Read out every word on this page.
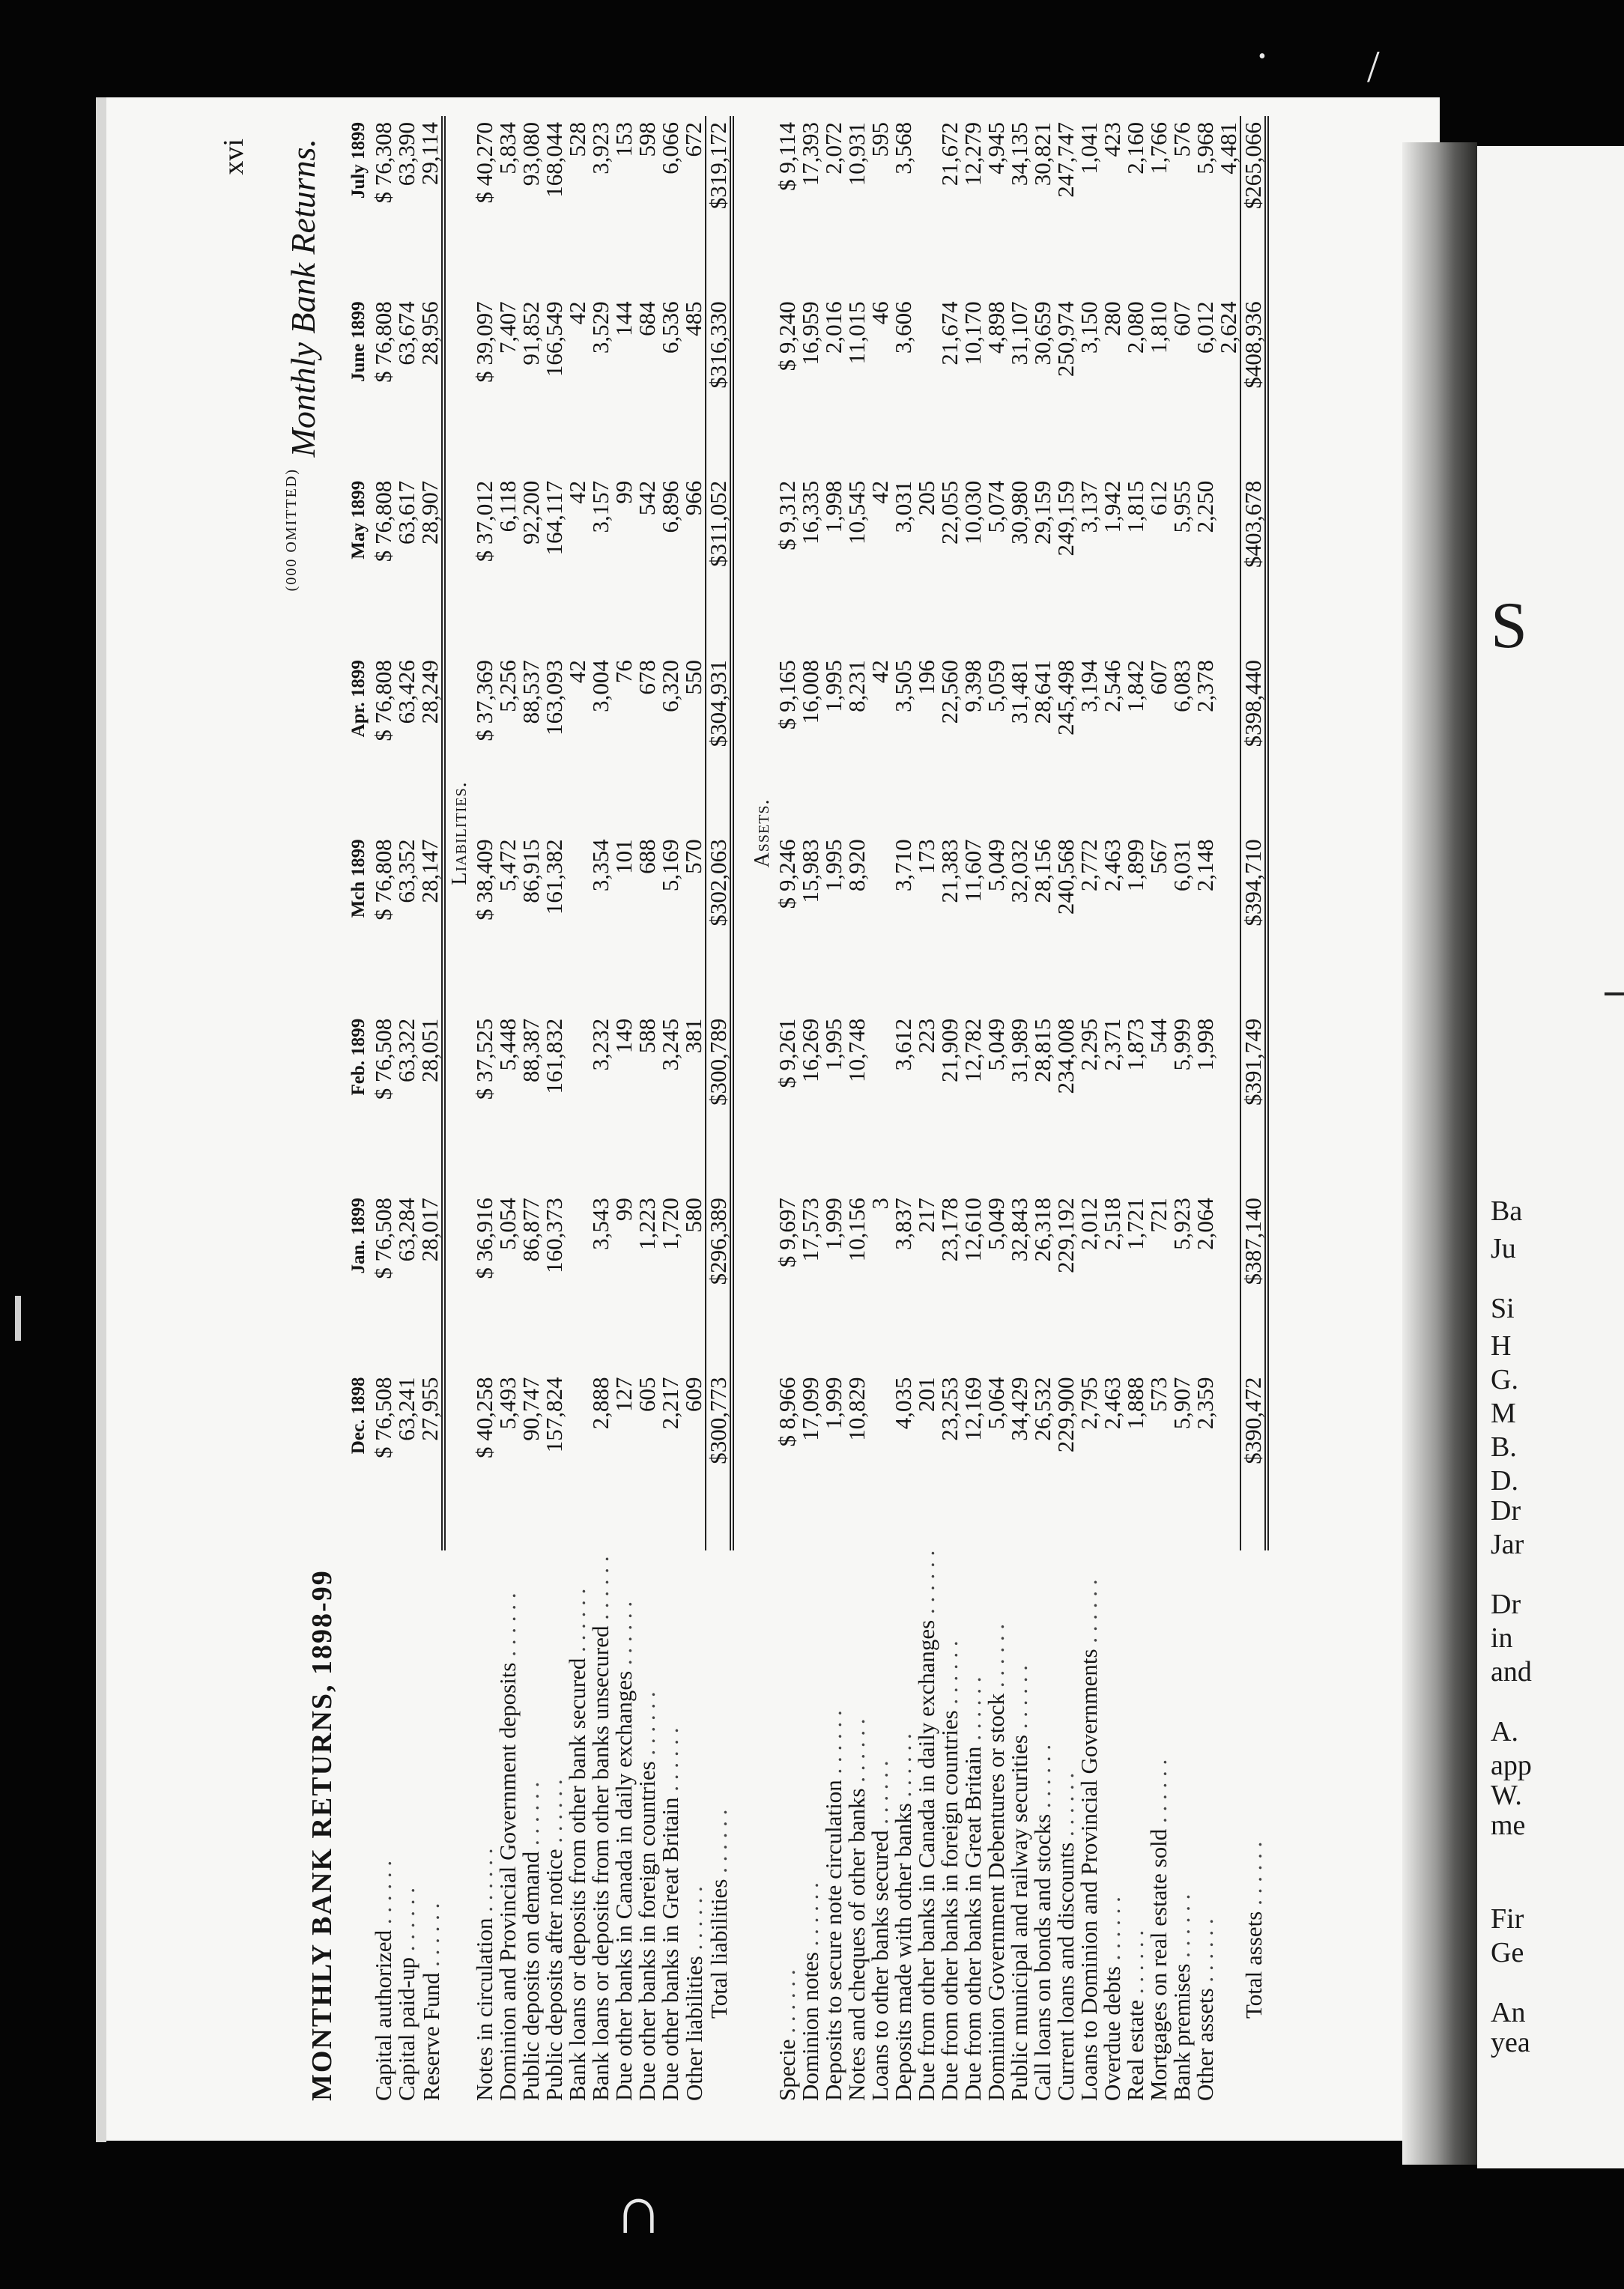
S
Ba
Ju
Si
H
G.
M
B.
D.
Dr
Jar
Dr
in
and
A.
app
W.
me
Fir
Ge
An
yea
• /
∩
xvi
MONTHLY BANK RETURNS, 1898-99
(000 OMITTED)
Monthly Bank Returns.
	Dec. 1898	Jan. 1899	Feb. 1899	Mch 1899	Apr. 1899	May 1899	June 1899	July 1899
Capital authorized . . . . . .	$ 76,508	$ 76,508	$ 76,508	$ 76,808	$ 76,808	$ 76,808	$ 76,808	$ 76,308
Capital paid-up . . . . . .	63,241	63,284	63,322	63,352	63,426	63,617	63,674	63,390
Reserve Fund . . . . . .	27,955	28,017	28,051	28,147	28,249	28,907	28,956	29,114
	Liabilities.							
Notes in circulation . . . . . .	$ 40,258	$ 36,916	$ 37,525	$ 38,409	$ 37,369	$ 37,012	$ 39,097	$ 40,270
Dominion and Provincial Government deposits . . . . . .	5,493	5,054	5,448	5,472	5,256	6,118	7,407	5,834
Public deposits on demand . . . . . .	90,747	86,877	88,387	86,915	88,537	92,200	91,852	93,080
Public deposits after notice . . . . . .	157,824	160,373	161,832	161,382	163,093	164,117	166,549	168,044
Bank loans or deposits from other bank secured . . . . . .					42	42	42	528
Bank loans or deposits from other banks unsecured . . . . . .	2,888	3,543	3,232	3,354	3,004	3,157	3,529	3,923
Due other banks in Canada in daily exchanges . . . . . .	127	99	149	101	76	99	144	153
Due other banks in foreign countries . . . . . .	605	1,223	588	688	678	542	684	598
Due other banks in Great Britain . . . . . .	2,217	1,720	3,245	5,169	6,320	6,896	6,536	6,066
Other liabilities . . . . . .	609	580	381	570	550	966	485	672
Total liabilities . . . . . .	$300,773	$296,389	$300,789	$302,063	$304,931	$311,052	$316,330	$319,172

	Assets.							
Specie . . . . . .	$ 8,966	$ 9,697	$ 9,261	$ 9,246	$ 9,165	$ 9,312	$ 9,240	$ 9,114
Dominion notes . . . . . .	17,099	17,573	16,269	15,983	16,008	16,335	16,959	17,393
Deposits to secure note circulation . . . . . .	1,999	1,999	1,995	1,995	1,995	1,998	2,016	2,072
Notes and cheques of other banks . . . . . .	10,829	10,156	10,748	8,920	8,231	10,545	11,015	10,931
Loans to other banks secured . . . . . .		3			42	42	46	595
Deposits made with other banks . . . . . .	4,035	3,837	3,612	3,710	3,505	3,031	3,606	3,568
Due from other banks in Canada in daily exchanges . . . . . .	201	217	223	173	196	205		
Due from other banks in foreign countries . . . . . .	23,253	23,178	21,909	21,383	22,560	22,055	21,674	21,672
Due from other banks in Great Britain . . . . . .	12,169	12,610	12,782	11,607	9,398	10,030	10,170	12,279
Dominion Government Debentures or stock . . . . . .	5,064	5,049	5,049	5,049	5,059	5,074	4,898	4,945
Public municipal and railway securities . . . . . .	34,429	32,843	31,989	32,032	31,481	30,980	31,107	34,135
Call loans on bonds and stocks . . . . . .	26,532	26,318	28,815	28,156	28,641	29,159	30,659	30,821
Current loans and discounts . . . . . .	229,900	229,192	234,008	240,568	245,498	249,159	250,974	247,747
Loans to Dominion and Provincial Governments . . . . . .	2,795	2,012	2,295	2,772	3,194	3,137	3,150	1,041
Overdue debts . . . . . .	2,463	2,518	2,371	2,463	2,546	1,942	280	423
Real estate . . . . . .	1,888	1,721	1,873	1,899	1,842	1,815	2,080	2,160
Mortgages on real estate sold . . . . . .	573	721	544	567	607	612	1,810	1,766
Bank premises . . . . . .	5,907	5,923	5,999	6,031	6,083	5,955	607	576
Other assets . . . . . .	2,359	2,064	1,998	2,148	2,378	2,250	6,012	5,968
							2,624	4,481
Total assets . . . . . .	$390,472	$387,140	$391,749	$394,710	$398,440	$403,678	$408,936	$265,066
